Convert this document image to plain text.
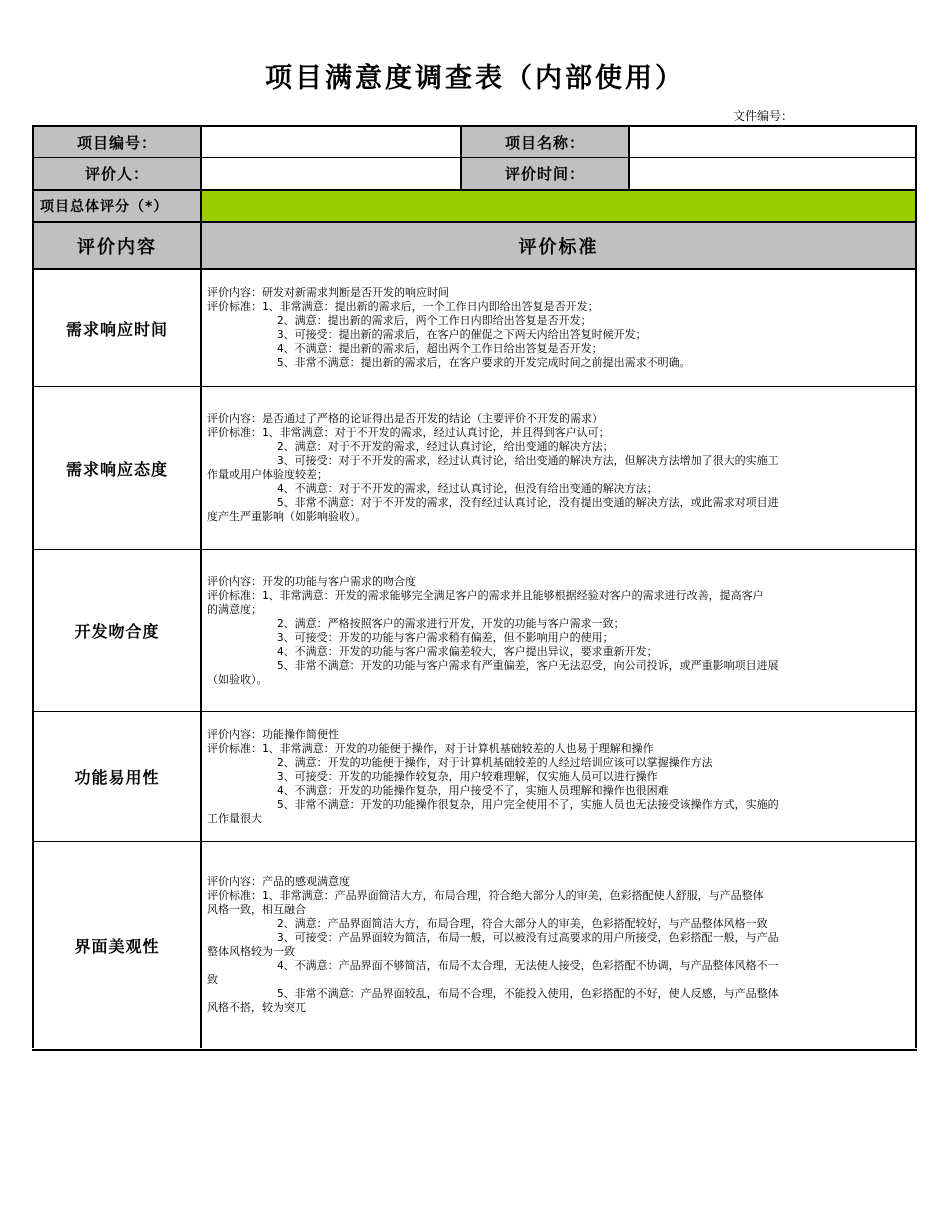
项目满意度调查表（内部使用）
文件编号：
项目编号：	项目名称：
评价人：	评价时间：
项目总体评分（*）
评价内容	评价标准
需求响应时间
评价内容：研发对新需求判断是否开发的响应时间
评价标准：1、非常满意：提出新的需求后，一个工作日内即给出答复是否开发；
2、满意：提出新的需求后，两个工作日内即给出答复是否开发；
3、可接受：提出新的需求后，在客户的催促之下两天内给出答复时候开发；
4、不满意：提出新的需求后，超出两个工作日给出答复是否开发；
5、非常不满意：提出新的需求后，在客户要求的开发完成时间之前提出需求不明确。
需求响应态度
评价内容：是否通过了严格的论证得出是否开发的结论（主要评价不开发的需求）
评价标准：1、非常满意：对于不开发的需求，经过认真讨论，并且得到客户认可；
2、满意：对于不开发的需求，经过认真讨论，给出变通的解决方法；
3、可接受：对于不开发的需求，经过认真讨论，给出变通的解决方法，但解决方法增加了很大的实施工
作量或用户体验度较差；
4、不满意：对于不开发的需求，经过认真讨论，但没有给出变通的解决方法；
5、非常不满意：对于不开发的需求，没有经过认真讨论，没有提出变通的解决方法，或此需求对项目进
度产生严重影响（如影响验收）。
开发吻合度
评价内容：开发的功能与客户需求的吻合度
评价标准：1、非常满意：开发的需求能够完全满足客户的需求并且能够根据经验对客户的需求进行改善，提高客户
的满意度；
2、满意：严格按照客户的需求进行开发，开发的功能与客户需求一致；
3、可接受：开发的功能与客户需求稍有偏差，但不影响用户的使用；
4、不满意：开发的功能与客户需求偏差较大，客户提出异议，要求重新开发；
5、非常不满意：开发的功能与客户需求有严重偏差，客户无法忍受，向公司投诉，或严重影响项目进展
（如验收）。
功能易用性
评价内容：功能操作简便性
评价标准：1、非常满意：开发的功能便于操作，对于计算机基础较差的人也易于理解和操作
2、满意：开发的功能便于操作，对于计算机基础较差的人经过培训应该可以掌握操作方法
3、可接受：开发的功能操作较复杂，用户较难理解，仅实施人员可以进行操作
4、不满意：开发的功能操作复杂，用户接受不了，实施人员理解和操作也很困难
5、非常不满意：开发的功能操作很复杂，用户完全使用不了，实施人员也无法接受该操作方式，实施的
工作量很大
界面美观性
评价内容：产品的感观满意度
评价标准：1、非常满意：产品界面简洁大方，布局合理，符合绝大部分人的审美，色彩搭配使人舒服，与产品整体
风格一致，相互融合
2、满意：产品界面简洁大方，布局合理，符合大部分人的审美，色彩搭配较好，与产品整体风格一致
3、可接受：产品界面较为简洁，布局一般，可以被没有过高要求的用户所接受，色彩搭配一般，与产品
整体风格较为一致
4、不满意：产品界面不够简洁，布局不太合理，无法使人接受，色彩搭配不协调，与产品整体风格不一
致
5、非常不满意：产品界面较乱，布局不合理，不能投入使用，色彩搭配的不好，使人反感，与产品整体
风格不搭，较为突兀
